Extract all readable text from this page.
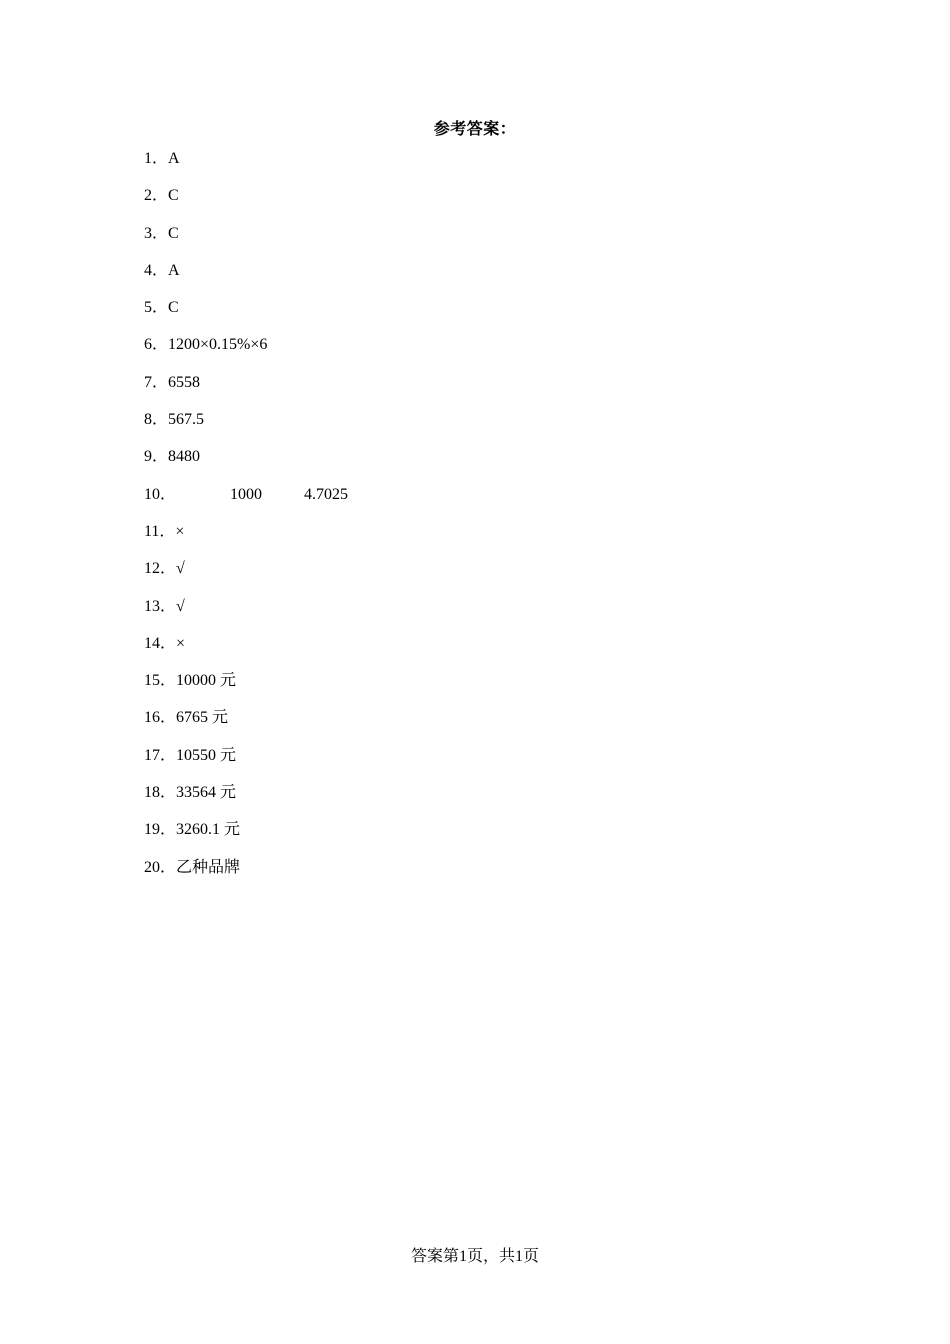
参考答案：
1．A
2．C
3．C
4．A
5．C
6．1200×0.15%×6
7．6558
8．567.5
9．8480
10．	1000	4.7025
11．×
12．√
13．√
14．×
15．10000 元
16．6765 元
17．10550 元
18．33564 元
19．3260.1 元
20．乙种品牌
答案第1页，共1页
